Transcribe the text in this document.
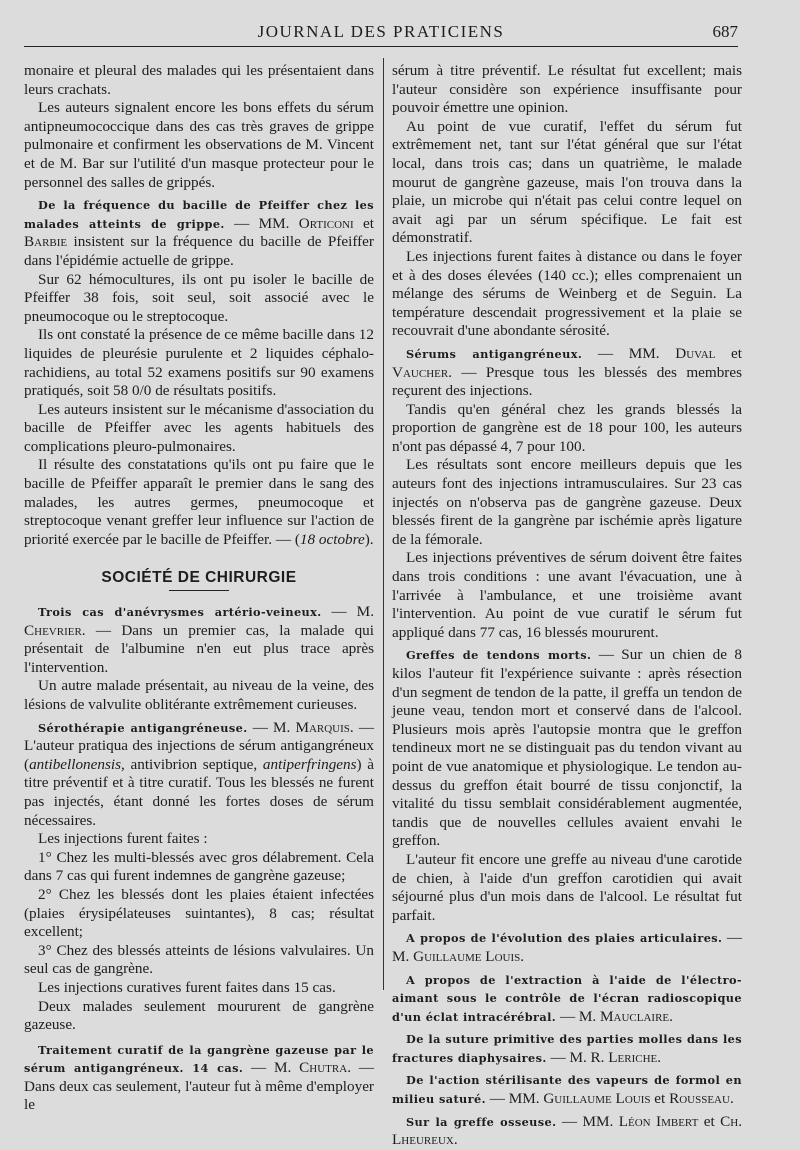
JOURNAL DES PRATICIENS	687

monaire et pleural des malades qui les présentaient dans leurs crachats.

Les auteurs signalent encore les bons effets du sérum antipneumococcique dans des cas très graves de grippe pulmonaire et confirment les observations de M. Vincent et de M. Bar sur l'utilité d'un masque protecteur pour le personnel des salles de grippés.

De la fréquence du bacille de Pfeiffer chez les malades atteints de grippe. — MM. Orticoni et Barbie insistent sur la fréquence du bacille de Pfeiffer dans l'épidémie actuelle de grippe.

Sur 62 hémocultures, ils ont pu isoler le bacille de Pfeiffer 38 fois, soit seul, soit associé avec le pneumocoque ou le streptocoque.

Ils ont constaté la présence de ce même bacille dans 12 liquides de pleurésie purulente et 2 liquides céphalo-rachidiens, au total 52 examens positifs sur 90 examens pratiqués, soit 58 0/0 de résultats positifs.

Les auteurs insistent sur le mécanisme d'association du bacille de Pfeiffer avec les agents habituels des complications pleuro-pulmonaires.

Il résulte des constatations qu'ils ont pu faire que le bacille de Pfeiffer apparaît le premier dans le sang des malades, les autres germes, pneumocoque et streptocoque venant greffer leur influence sur l'action de priorité exercée par le bacille de Pfeiffer. — (18 octobre).

SOCIÉTÉ DE CHIRURGIE

Trois cas d'anévrysmes artério-veineux. — M. Chevrier. — Dans un premier cas, la malade qui présentait de l'albumine n'en eut plus trace après l'intervention.

Un autre malade présentait, au niveau de la veine, des lésions de valvulite oblitérante extrêmement curieuses.

Sérothérapie antigangréneuse. — M. Marquis. — L'auteur pratiqua des injections de sérum antigangréneux (antibellonensis, antivibrion septique, antiperfringens) à titre préventif et à titre curatif. Tous les blessés ne furent pas injectés, étant donné les fortes doses de sérum nécessaires.

Les injections furent faites :

1° Chez les multi-blessés avec gros délabrement. Cela dans 7 cas qui furent indemnes de gangrène gazeuse;

2° Chez les blessés dont les plaies étaient infectées (plaies érysipélateuses suintantes), 8 cas; résultat excellent;

3° Chez des blessés atteints de lésions valvulaires. Un seul cas de gangrène.

Les injections curatives furent faites dans 15 cas.

Deux malades seulement moururent de gangrène gazeuse.

Traitement curatif de la gangrène gazeuse par le sérum antigangréneux. 14 cas. — M. Chutra. — Dans deux cas seulement, l'auteur fut à même d'employer le

sérum à titre préventif. Le résultat fut excellent; mais l'auteur considère son expérience insuffisante pour pouvoir émettre une opinion.

Au point de vue curatif, l'effet du sérum fut extrêmement net, tant sur l'état général que sur l'état local, dans trois cas; dans un quatrième, le malade mourut de gangrène gazeuse, mais l'on trouva dans la plaie, un microbe qui n'était pas celui contre lequel on avait agi par un sérum spécifique. Le fait est démonstratif.

Les injections furent faites à distance ou dans le foyer et à des doses élevées (140 cc.); elles comprenaient un mélange des sérums de Weinberg et de Seguin. La température descendait progressivement et la plaie se recouvrait d'une abondante sérosité.

Sérums antigangréneux. — MM. Duval et Vaucher. — Presque tous les blessés des membres reçurent des injections.

Tandis qu'en général chez les grands blessés la proportion de gangrène est de 18 pour 100, les auteurs n'ont pas dépassé 4, 7 pour 100.

Les résultats sont encore meilleurs depuis que les auteurs font des injections intramusculaires. Sur 23 cas injectés on n'observa pas de gangrène gazeuse. Deux blessés firent de la gangrène par ischémie après ligature de la fémorale.

Les injections préventives de sérum doivent être faites dans trois conditions : une avant l'évacuation, une à l'arrivée à l'ambulance, et une troisième avant l'intervention. Au point de vue curatif le sérum fut appliqué dans 77 cas, 16 blessés moururent.

Greffes de tendons morts. — Sur un chien de 8 kilos l'auteur fit l'expérience suivante : après résection d'un segment de tendon de la patte, il greffa un tendon de jeune veau, tendon mort et conservé dans de l'alcool. Plusieurs mois après l'autopsie montra que le greffon tendineux mort ne se distinguait pas du tendon vivant au point de vue anatomique et physiologique. Le tendon au-dessus du greffon était bourré de tissu conjonctif, la vitalité du tissu semblait considérablement augmentée, tandis que de nouvelles cellules avaient envahi le greffon.

L'auteur fit encore une greffe au niveau d'une carotide de chien, à l'aide d'un greffon carotidien qui avait séjourné plus d'un mois dans de l'alcool. Le résultat fut parfait.

A propos de l'évolution des plaies articulaires. — M. Guillaume Louis.

A propos de l'extraction à l'aide de l'électro-aimant sous le contrôle de l'écran radioscopique d'un éclat intracérébral. — M. Mauclaire.

De la suture primitive des parties molles dans les fractures diaphysaires. — M. R. Leriche.

De l'action stérilisante des vapeurs de formol en milieu saturé. — MM. Guillaume Louis et Rousseau.

Sur la greffe osseuse. — MM. Léon Imbert et Ch. Lheureux.
